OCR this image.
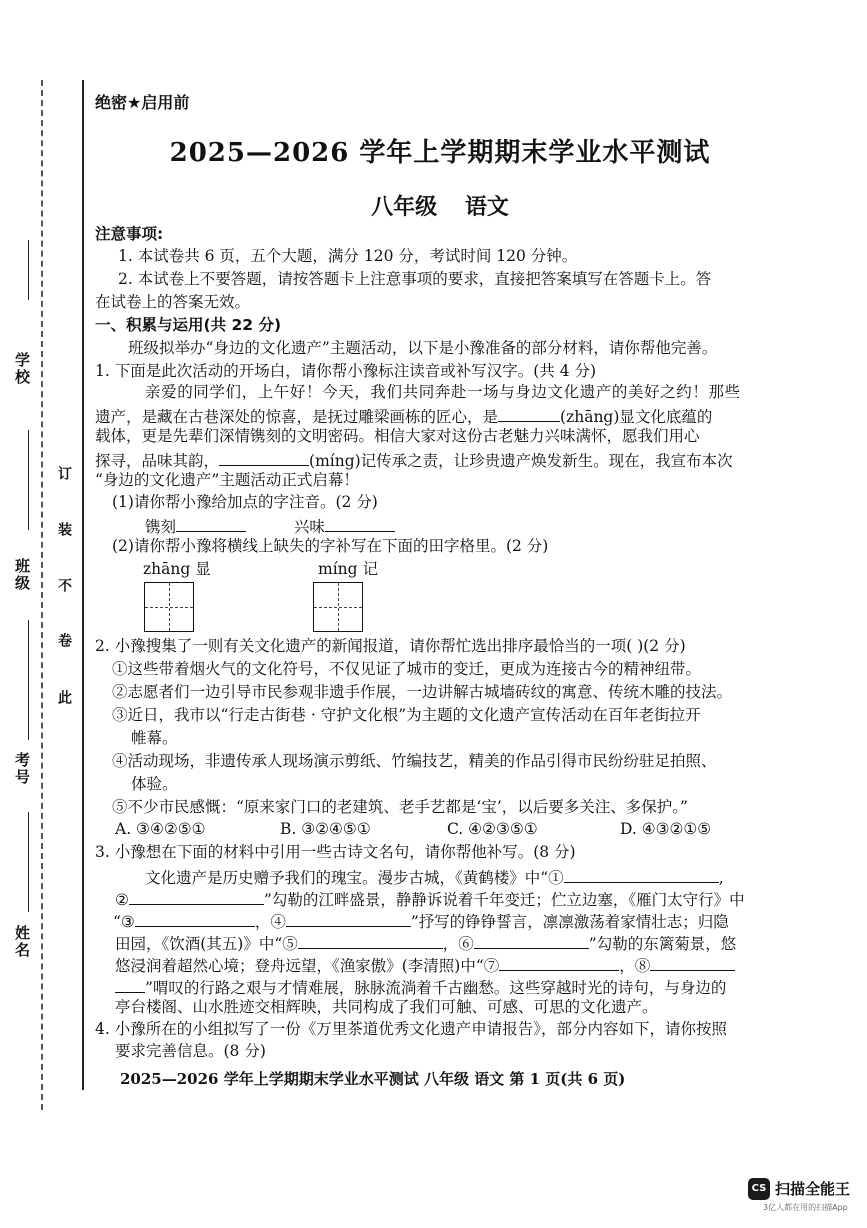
学校
班级
考号
姓名
此
卷
不
装
订
绝密★启用前
2025—2026 学年上学期期末学业水平测试
八年级 语文
注意事项:
1. 本试卷共 6 页，五个大题，满分 120 分，考试时间 120 分钟。
2. 本试卷上不要答题，请按答题卡上注意事项的要求，直接把答案填写在答题卡上。答
在试卷上的答案无效。
一、积累与运用(共 22 分)
班级拟举办“身边的文化遗产”主题活动，以下是小豫准备的部分材料，请你帮他完善。
1. 下面是此次活动的开场白，请你帮小豫标注读音或补写汉字。(共 4 分)
亲爱的同学们，上午好！今天，我们共同奔赴一场与身边文化遗产的美好之约！那些
遗产，是藏在古巷深处的惊喜，是抚过雕梁画栋的匠心，是	(zhāng)显文化底蕴的
载体，更是先辈们深情镌刻的文明密码。相信大家对这份古老魅力兴味满怀，愿我们用心
探寻，品味其韵，	(míng)记传承之责，让珍贵遗产焕发新生。现在，我宣布本次
“身边的文化遗产”主题活动正式启幕！
(1)请你帮小豫给加点的字注音。(2 分)
镌刻	兴味
(2)请你帮小豫将横线上缺失的字补写在下面的田字格里。(2 分)
zhāng 显	míng 记
2. 小豫搜集了一则有关文化遗产的新闻报道，请你帮忙选出排序最恰当的一项( )(2 分)
①这些带着烟火气的文化符号，不仅见证了城市的变迁，更成为连接古今的精神纽带。
②志愿者们一边引导市民参观非遗手作展，一边讲解古城墙砖纹的寓意、传统木雕的技法。
③近日，我市以“行走古街巷 · 守护文化根”为主题的文化遗产宣传活动在百年老街拉开
帷幕。
④活动现场，非遗传承人现场演示剪纸、竹编技艺，精美的作品引得市民纷纷驻足拍照、
体验。
⑤不少市民感慨：“原来家门口的老建筑、老手艺都是‘宝’，以后要多关注、多保护。”
A. ③④②⑤①	B. ③②④⑤①	C. ④②③⑤①	D. ④③②①⑤
3. 小豫想在下面的材料中引用一些古诗文名句，请你帮他补写。(8 分)
文化遗产是历史赠予我们的瑰宝。漫步古城，《黄鹤楼》中“①	,
②	”勾勒的江畔盛景，静静诉说着千年变迁；伫立边塞，《雁门太守行》中
“③	，④	”抒写的铮铮誓言，凛凛激荡着家情壮志；归隐
田园，《饮酒(其五)》中“⑤	，⑥	”勾勒的东篱菊景，悠
悠浸润着超然心境；登舟远望，《渔家傲》(李清照)中“⑦	，⑧
”喟叹的行路之艰与才情难展，脉脉流淌着千古幽愁。这些穿越时光的诗句，与身边的
亭台楼阁、山水胜迹交相辉映，共同构成了我们可触、可感、可思的文化遗产。
4. 小豫所在的小组拟写了一份《万里茶道优秀文化遗产申请报告》，部分内容如下，请你按照
要求完善信息。(8 分)
2025—2026 学年上学期期末学业水平测试 八年级 语文 第 1 页(共 6 页)
CS 扫描全能王
3亿人都在用的扫描App
